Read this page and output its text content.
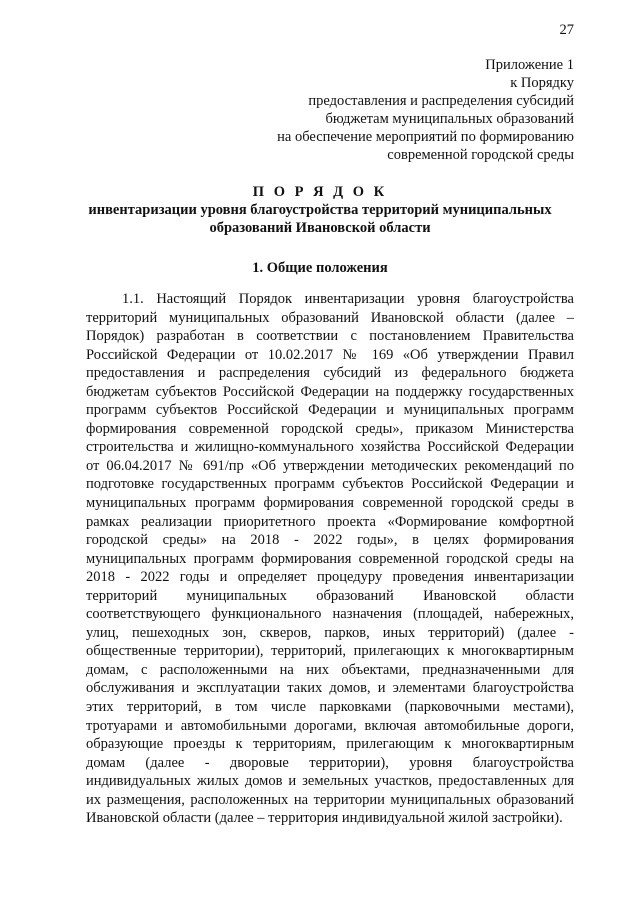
27
Приложение 1
к Порядку
предоставления и распределения субсидий
бюджетам муниципальных образований
на обеспечение мероприятий по формированию
современной городской среды
П О Р Я Д О К
инвентаризации уровня благоустройства территорий муниципальных образований Ивановской области
1. Общие положения

1.1. Настоящий Порядок инвентаризации уровня благоустройства территорий муниципальных образований Ивановской области (далее – Порядок) разработан в соответствии с постановлением Правительства Российской Федерации от 10.02.2017 № 169 «Об утверждении Правил предоставления и распределения субсидий из федерального бюджета бюджетам субъектов Российской Федерации на поддержку государственных программ субъектов Российской Федерации и муниципальных программ формирования современной городской среды», приказом Министерства строительства и жилищно-коммунального хозяйства Российской Федерации от 06.04.2017 № 691/пр «Об утверждении методических рекомендаций по подготовке государственных программ субъектов Российской Федерации и муниципальных программ формирования современной городской среды в рамках реализации приоритетного проекта «Формирование комфортной городской среды» на 2018 - 2022 годы», в целях формирования муниципальных программ формирования современной городской среды на 2018 - 2022 годы и определяет процедуру проведения инвентаризации территорий муниципальных образований Ивановской области соответствующего функционального назначения (площадей, набережных, улиц, пешеходных зон, скверов, парков, иных территорий) (далее - общественные территории), территорий, прилегающих к многоквартирным домам, с расположенными на них объектами, предназначенными для обслуживания и эксплуатации таких домов, и элементами благоустройства этих территорий, в том числе парковками (парковочными местами), тротуарами и автомобильными дорогами, включая автомобильные дороги, образующие проезды к территориям, прилегающим к многоквартирным домам (далее - дворовые территории), уровня благоустройства индивидуальных жилых домов и земельных участков, предоставленных для их размещения, расположенных на территории муниципальных образований Ивановской области (далее – территория индивидуальной жилой застройки).
